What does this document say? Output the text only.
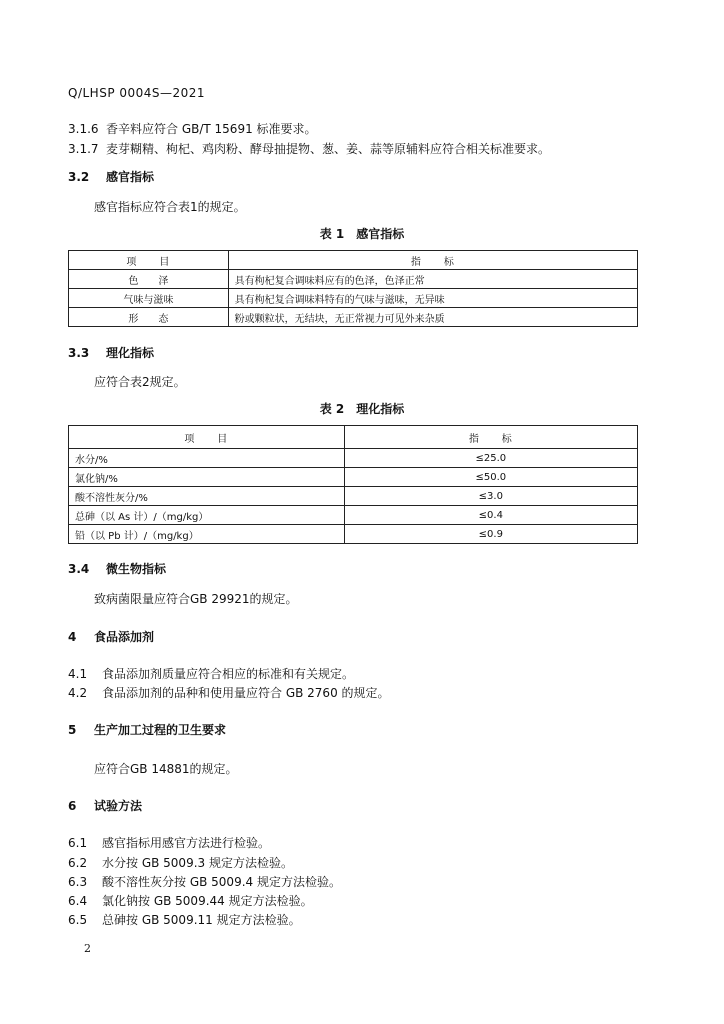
Q/LHSP 0004S—2021
3.1.6 香辛料应符合 GB/T 15691 标准要求。
3.1.7 麦芽糊精、枸杞、鸡肉粉、酵母抽提物、葱、姜、蒜等原辅料应符合相关标准要求。
3.2 感官指标
感官指标应符合表1的规定。
表 1　感官指标
项　　目	指　　标
色　　泽	具有枸杞复合调味料应有的色泽，色泽正常
气味与滋味	具有枸杞复合调味料特有的气味与滋味，无异味
形　　态	粉或颗粒状，无结块，无正常视力可见外来杂质
3.3 理化指标
应符合表2规定。
表 2　理化指标
项　　目	指　　标
水分/%	≤25.0
氯化钠/%	≤50.0
酸不溶性灰分/%	≤3.0
总砷（以 As 计）/（mg/kg）	≤0.4
铅（以 Pb 计）/（mg/kg）	≤0.9
3.4 微生物指标
致病菌限量应符合GB 29921的规定。
4 食品添加剂
4.1 食品添加剂质量应符合相应的标准和有关规定。
4.2 食品添加剂的品种和使用量应符合 GB 2760 的规定。
5 生产加工过程的卫生要求
应符合GB 14881的规定。
6 试验方法
6.1 感官指标用感官方法进行检验。
6.2 水分按 GB 5009.3 规定方法检验。
6.3 酸不溶性灰分按 GB 5009.4 规定方法检验。
6.4 氯化钠按 GB 5009.44 规定方法检验。
6.5 总砷按 GB 5009.11 规定方法检验。
2
